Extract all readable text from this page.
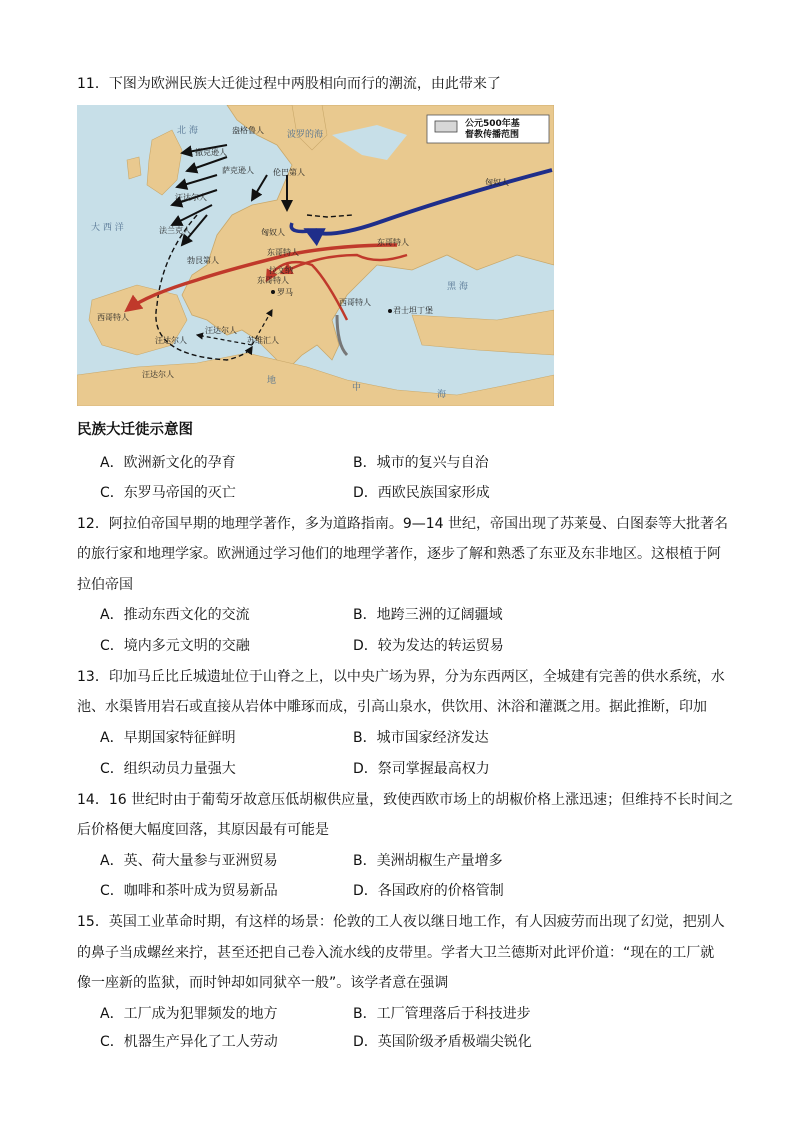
11．下图为欧洲民族大迁徙过程中两股相向而行的潮流，由此带来了
公元500年基
督教传播范围
北 海	波罗的海
大 西 洋
黑 海
地
中
海
盎格鲁人
撒克逊人
萨克逊人 伦巴第人
汪达尔人
匈奴人
法兰克人
勃艮第人
匈奴人
东哥特人
西哥特人
拉文纳
东哥特人
罗马
西哥特人
君士坦丁堡
东哥特人
汪达尔人
汪达尔人
汪达尔人
苏维汇人
民族大迁徙示意图
A．欧洲新文化的孕育	B．城市的复兴与自治
C．东罗马帝国的灭亡	D．西欧民族国家形成
12．阿拉伯帝国早期的地理学著作，多为道路指南。9—14 世纪，帝国出现了苏莱曼、白图泰等大批著名
的旅行家和地理学家。欧洲通过学习他们的地理学著作，逐步了解和熟悉了东亚及东非地区。这根植于阿
拉伯帝国
A．推动东西文化的交流	B．地跨三洲的辽阔疆域
C．境内多元文明的交融	D．较为发达的转运贸易
13．印加马丘比丘城遗址位于山脊之上，以中央广场为界，分为东西两区，全城建有完善的供水系统，水
池、水渠皆用岩石或直接从岩体中雕琢而成，引高山泉水，供饮用、沐浴和灌溉之用。据此推断，印加
A．早期国家特征鲜明	B．城市国家经济发达
C．组织动员力量强大	D．祭司掌握最高权力
14．16 世纪时由于葡萄牙故意压低胡椒供应量，致使西欧市场上的胡椒价格上涨迅速；但维持不长时间之
后价格便大幅度回落，其原因最有可能是
A．英、荷大量参与亚洲贸易	B．美洲胡椒生产量增多
C．咖啡和茶叶成为贸易新品	D．各国政府的价格管制
15．英国工业革命时期，有这样的场景：伦敦的工人夜以继日地工作，有人因疲劳而出现了幻觉，把别人
的鼻子当成螺丝来拧，甚至还把自己卷入流水线的皮带里。学者大卫兰德斯对此评价道：“现在的工厂就
像一座新的监狱，而时钟却如同狱卒一般”。该学者意在强调
A．工厂成为犯罪频发的地方	B．工厂管理落后于科技进步
C．机器生产异化了工人劳动	D．英国阶级矛盾极端尖锐化
